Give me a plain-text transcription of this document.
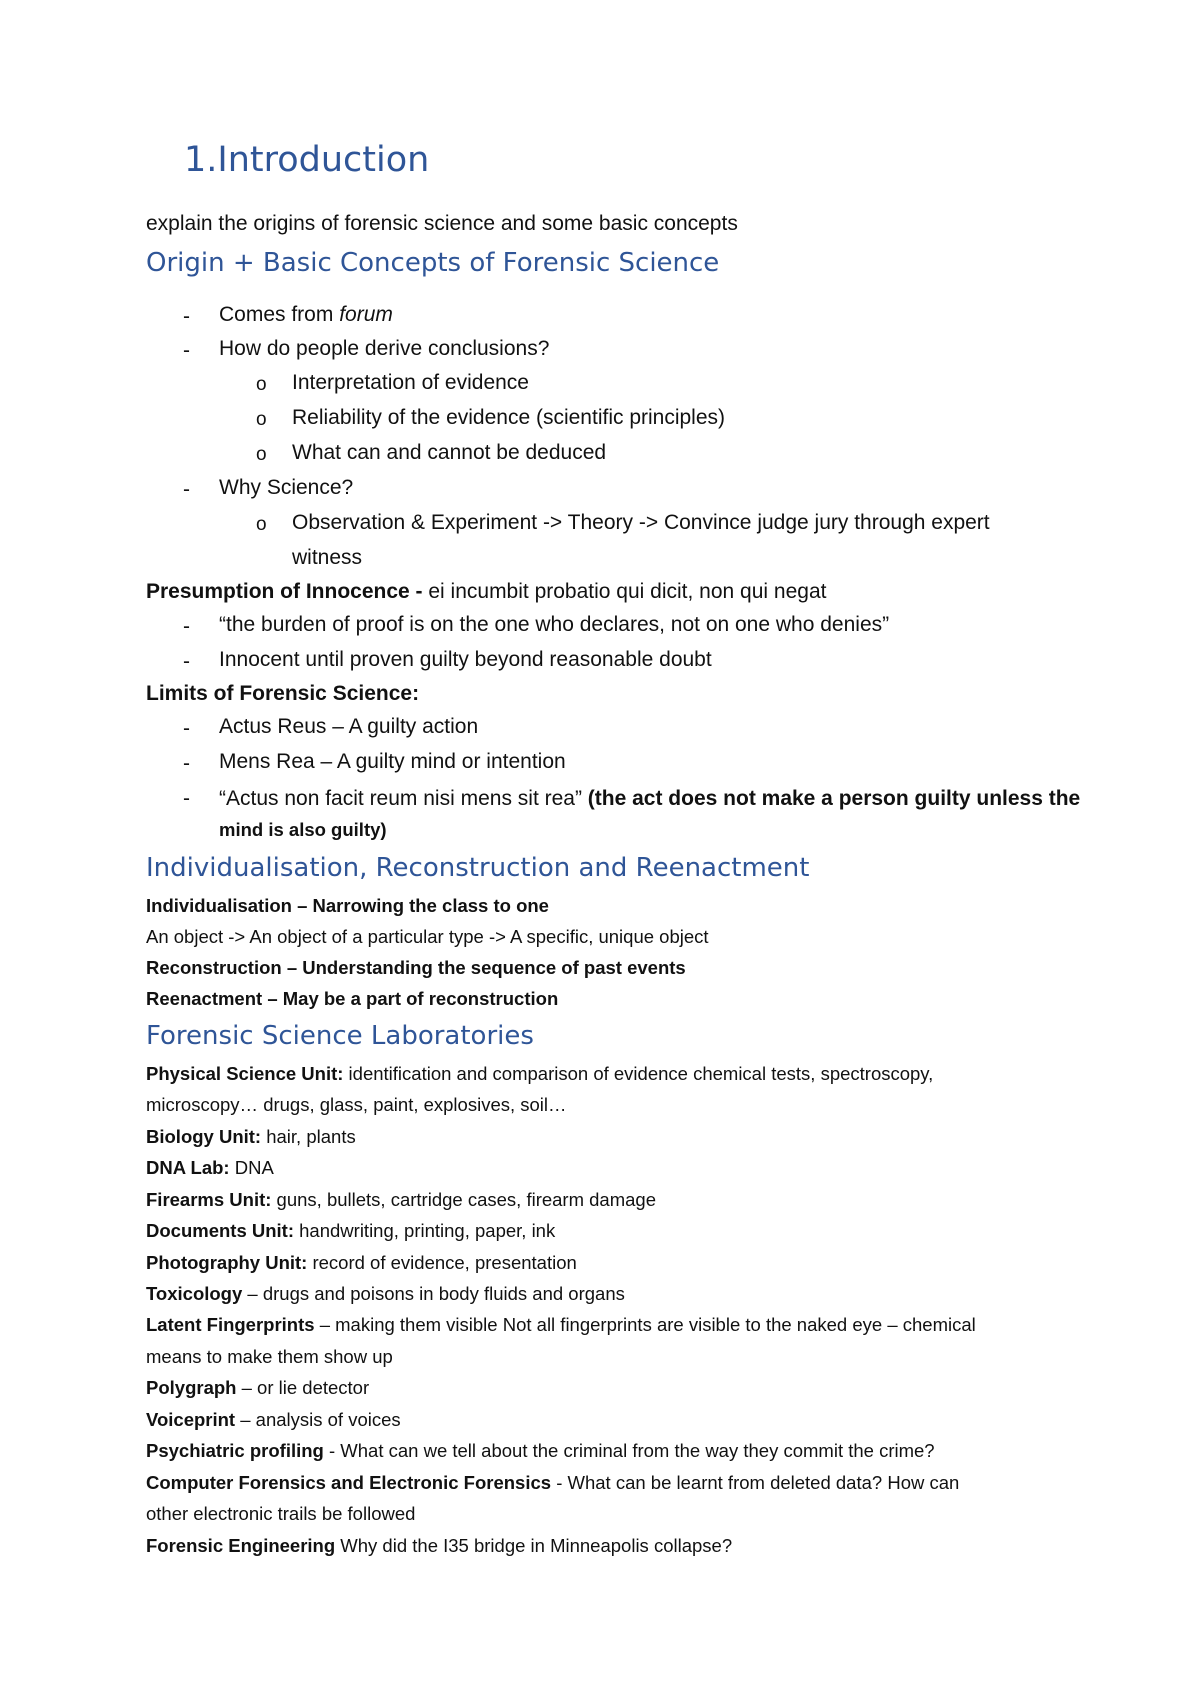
1.Introduction
explain the origins of forensic science and some basic concepts
Origin + Basic Concepts of Forensic Science
- Comes from forum
- How do people derive conclusions?
o Interpretation of evidence
o Reliability of the evidence (scientific principles)
o What can and cannot be deduced
- Why Science?
o Observation & Experiment -> Theory -> Convince judge jury through expert
witness
Presumption of Innocence - ei incumbit probatio qui dicit, non qui negat
- “the burden of proof is on the one who declares, not on one who denies”
- Innocent until proven guilty beyond reasonable doubt
Limits of Forensic Science:
- Actus Reus – A guilty action
- Mens Rea – A guilty mind or intention
- “Actus non facit reum nisi mens sit rea” (the act does not make a person guilty unless the
mind is also guilty)
Individualisation, Reconstruction and Reenactment
Individualisation – Narrowing the class to one
An object -> An object of a particular type -> A specific, unique object
Reconstruction – Understanding the sequence of past events
Reenactment – May be a part of reconstruction
Forensic Science Laboratories
Physical Science Unit: identification and comparison of evidence chemical tests, spectroscopy,
microscopy… drugs, glass, paint, explosives, soil…
Biology Unit: hair, plants
DNA Lab: DNA
Firearms Unit: guns, bullets, cartridge cases, firearm damage
Documents Unit: handwriting, printing, paper, ink
Photography Unit: record of evidence, presentation
Toxicology – drugs and poisons in body fluids and organs
Latent Fingerprints – making them visible Not all fingerprints are visible to the naked eye – chemical
means to make them show up
Polygraph – or lie detector
Voiceprint – analysis of voices
Psychiatric profiling - What can we tell about the criminal from the way they commit the crime?
Computer Forensics and Electronic Forensics - What can be learnt from deleted data? How can
other electronic trails be followed
Forensic Engineering Why did the I35 bridge in Minneapolis collapse?
